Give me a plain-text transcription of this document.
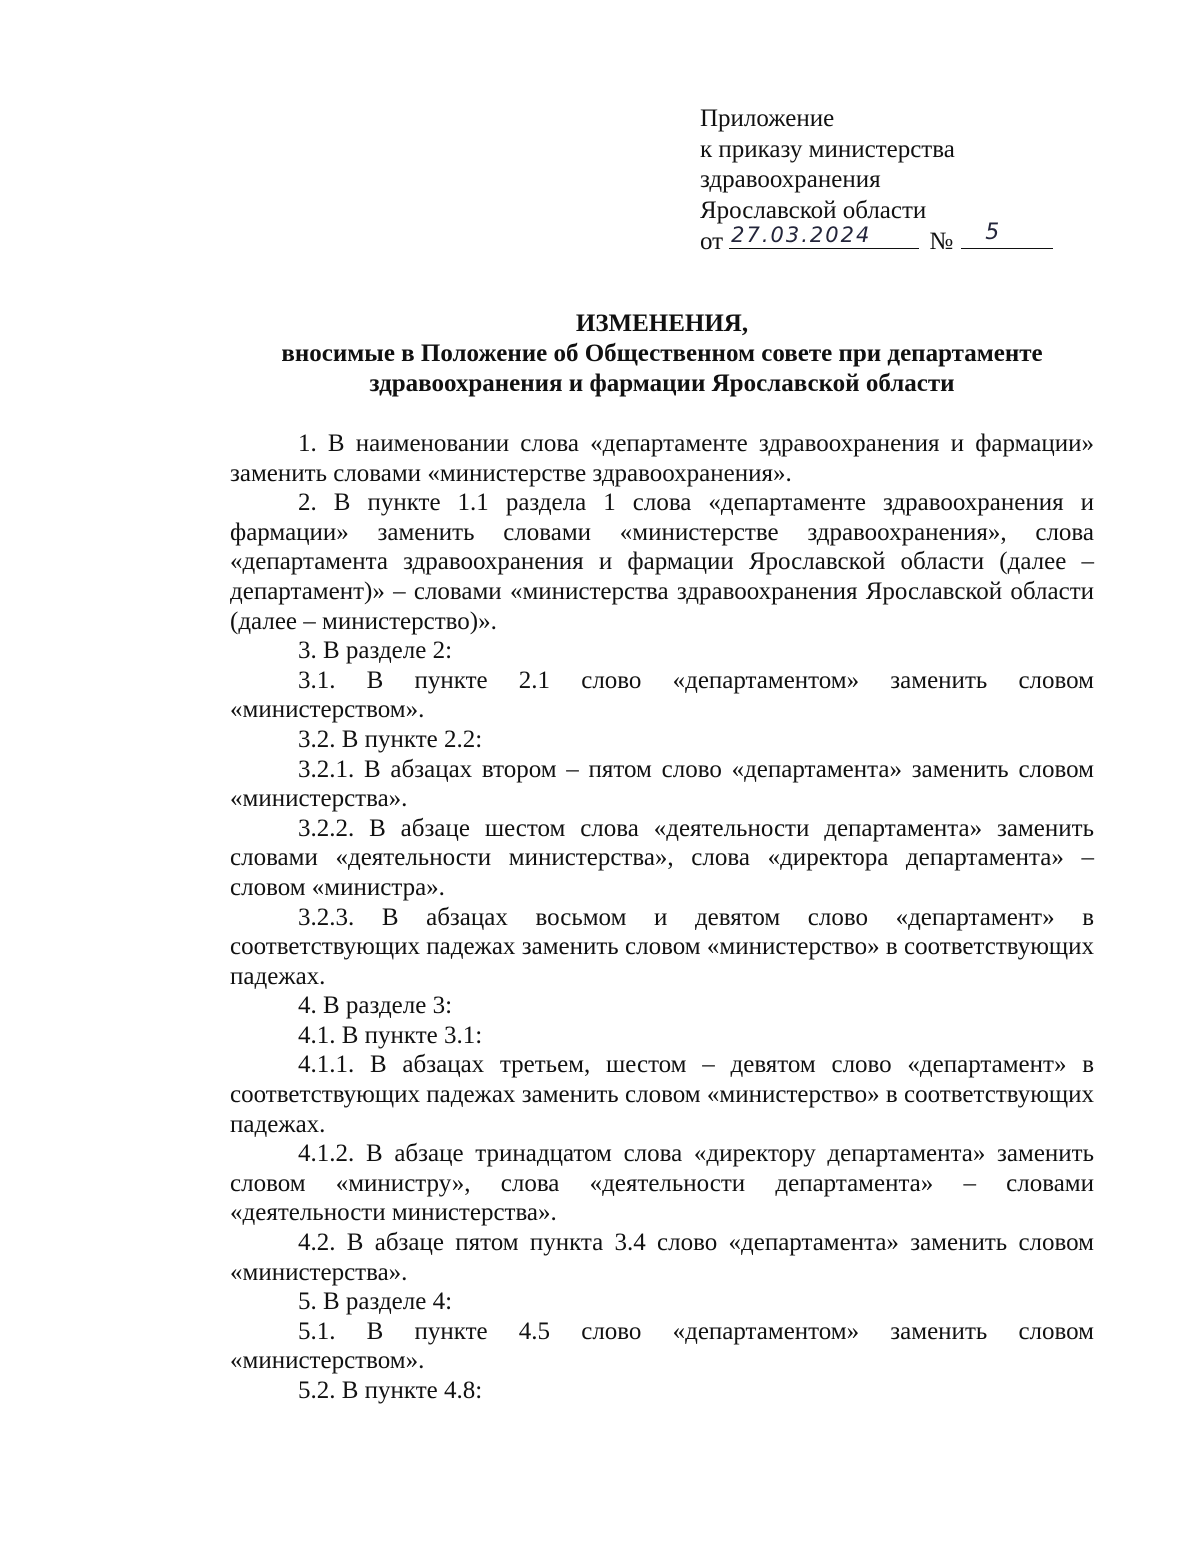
Приложение
к приказу министерства
здравоохранения
Ярославской области
от 27.03.2024 № 5
ИЗМЕНЕНИЯ,
вносимые в Положение об Общественном совете при департаменте
здравоохранения и фармации Ярославской области

1. В наименовании слова «департаменте здравоохранения и фармации» заменить словами «министерстве здравоохранения».

2. В пункте 1.1 раздела 1 слова «департаменте здравоохранения и фармации» заменить словами «министерстве здравоохранения», слова «департамента здравоохранения и фармации Ярославской области (далее – департамент)» – словами «министерства здравоохранения Ярославской области (далее – министерство)».

3. В разделе 2:

3.1. В пункте 2.1 слово «департаментом» заменить словом «министерством».

3.2. В пункте 2.2:

3.2.1. В абзацах втором – пятом слово «департамента» заменить словом «министерства».

3.2.2. В абзаце шестом слова «деятельности департамента» заменить словами «деятельности министерства», слова «директора департамента» – словом «министра».

3.2.3. В абзацах восьмом и девятом слово «департамент» в соответствующих падежах заменить словом «министерство» в соответствующих падежах.

4. В разделе 3:

4.1. В пункте 3.1:

4.1.1. В абзацах третьем, шестом – девятом слово «департамент» в соответствующих падежах заменить словом «министерство» в соответствующих падежах.

4.1.2. В абзаце тринадцатом слова «директору департамента» заменить словом «министру», слова «деятельности департамента» – словами «деятельности министерства».

4.2. В абзаце пятом пункта 3.4 слово «департамента» заменить словом «министерства».

5. В разделе 4:

5.1. В пункте 4.5 слово «департаментом» заменить словом «министерством».

5.2. В пункте 4.8:
